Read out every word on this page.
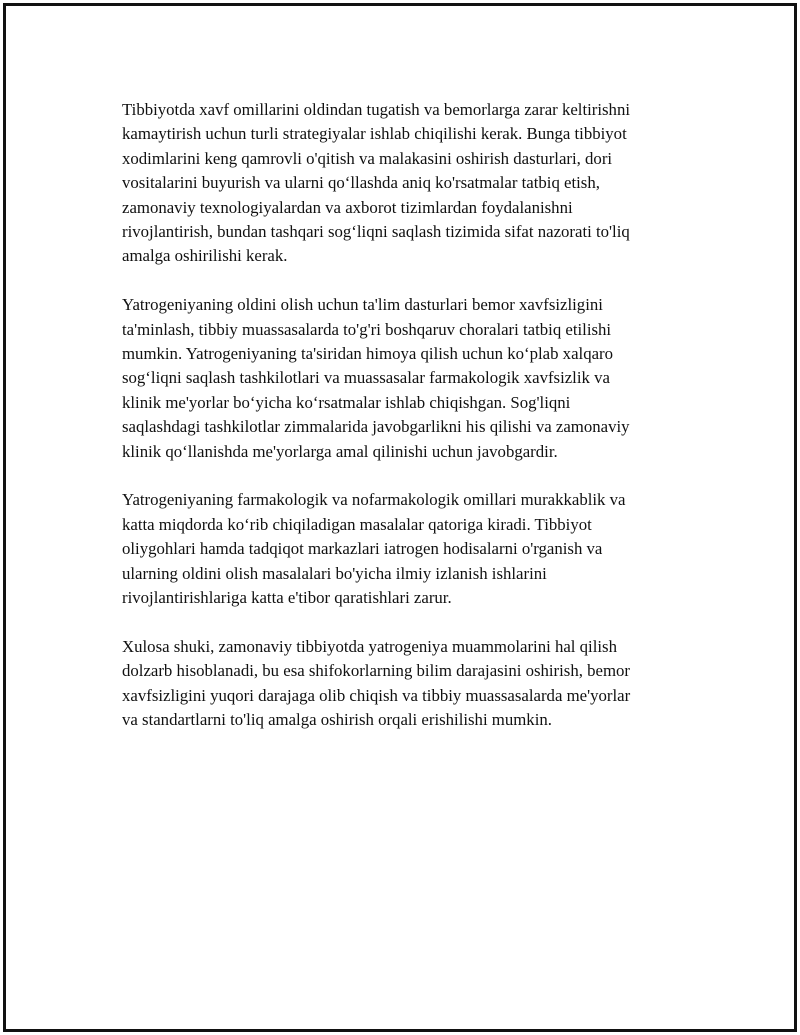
Tibbiyotda xavf omillarini oldindan tugatish va bemorlarga zarar keltirishni
kamaytirish uchun turli strategiyalar ishlab chiqilishi kerak. Bunga tibbiyot
xodimlarini keng qamrovli o'qitish va malakasini oshirish dasturlari, dori
vositalarini buyurish va ularni qo‘llashda aniq ko'rsatmalar tatbiq etish,
zamonaviy texnologiyalardan va axborot tizimlardan foydalanishni
rivojlantirish, bundan tashqari sog‘liqni saqlash tizimida sifat nazorati to'liq
amalga oshirilishi kerak.

Yatrogeniyaning oldini olish uchun ta'lim dasturlari bemor xavfsizligini
ta'minlash, tibbiy muassasalarda to'g'ri boshqaruv choralari tatbiq etilishi
mumkin. Yatrogeniyaning ta'siridan himoya qilish uchun ko‘plab xalqaro
sog‘liqni saqlash tashkilotlari va muassasalar farmakologik xavfsizlik va
klinik me'yorlar bo‘yicha ko‘rsatmalar ishlab chiqishgan. Sog'liqni
saqlashdagi tashkilotlar zimmalarida javobgarlikni his qilishi va zamonaviy
klinik qo‘llanishda me'yorlarga amal qilinishi uchun javobgardir.

Yatrogeniyaning farmakologik va nofarmakologik omillari murakkablik va
katta miqdorda ko‘rib chiqiladigan masalalar qatoriga kiradi. Tibbiyot
oliygohlari hamda tadqiqot markazlari iatrogen hodisalarni o'rganish va
ularning oldini olish masalalari bo'yicha ilmiy izlanish ishlarini
rivojlantirishlariga katta e'tibor qaratishlari zarur.

Xulosa shuki, zamonaviy tibbiyotda yatrogeniya muammolarini hal qilish
dolzarb hisoblanadi, bu esa shifokorlarning bilim darajasini oshirish, bemor
xavfsizligini yuqori darajaga olib chiqish va tibbiy muassasalarda me'yorlar
va standartlarni to'liq amalga oshirish orqali erishilishi mumkin.
